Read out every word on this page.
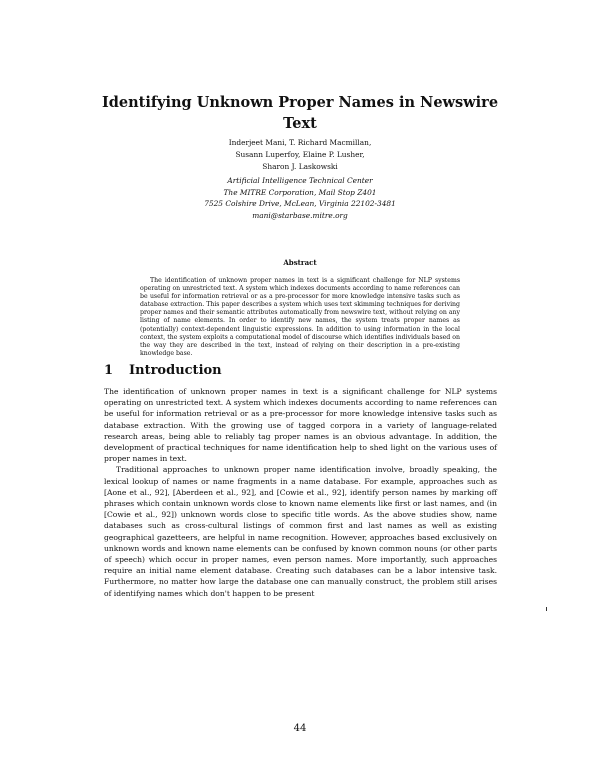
Identifying Unknown Proper Names in Newswire Text
Inderjeet Mani, T. Richard Macmillan,
Susann Luperfoy, Elaine P. Lusher,
Sharon J. Laskowski
Artificial Intelligence Technical Center
The MITRE Corporation, Mail Stop Z401
7525 Colshire Drive, McLean, Virginia 22102-3481
mani@starbase.mitre.org
Abstract
The identification of unknown proper names in text is a significant challenge for NLP systems operating on unrestricted text. A system which indexes documents according to name references can be useful for information retrieval or as a pre-processor for more knowledge intensive tasks such as database extraction. This paper describes a system which uses text skimming techniques for deriving proper names and their semantic attributes automatically from newswire text, without relying on any listing of name elements. In order to identify new names, the system treats proper names as (potentially) context-dependent linguistic expressions. In addition to using information in the local context, the system exploits a computational model of discourse which identifies individuals based on the way they are described in the text, instead of relying on their description in a pre-existing knowledge base.
1 Introduction

The identification of unknown proper names in text is a significant challenge for NLP systems operating on unrestricted text. A system which indexes documents according to name references can be useful for information retrieval or as a pre-processor for more knowledge intensive tasks such as database extraction. With the growing use of tagged corpora in a variety of language-related research areas, being able to reliably tag proper names is an obvious advantage. In addition, the development of practical techniques for name identification help to shed light on the various uses of proper names in text.

Traditional approaches to unknown proper name identification involve, broadly speaking, the lexical lookup of names or name fragments in a name database. For example, approaches such as [Aone et al., 92], [Aberdeen et al., 92], and [Cowie et al., 92], identify person names by marking off phrases which contain unknown words close to known name elements like first or last names, and (in [Cowie et al., 92]) unknown words close to specific title words. As the above studies show, name databases such as cross-cultural listings of common first and last names as well as existing geographical gazetteers, are helpful in name recognition. However, approaches based exclusively on unknown words and known name elements can be confused by known common nouns (or other parts of speech) which occur in proper names, even person names. More importantly, such approaches require an initial name element database. Creating such databases can be a labor intensive task. Furthermore, no matter how large the database one can manually construct, the problem still arises of identifying names which don't happen to be present

44
